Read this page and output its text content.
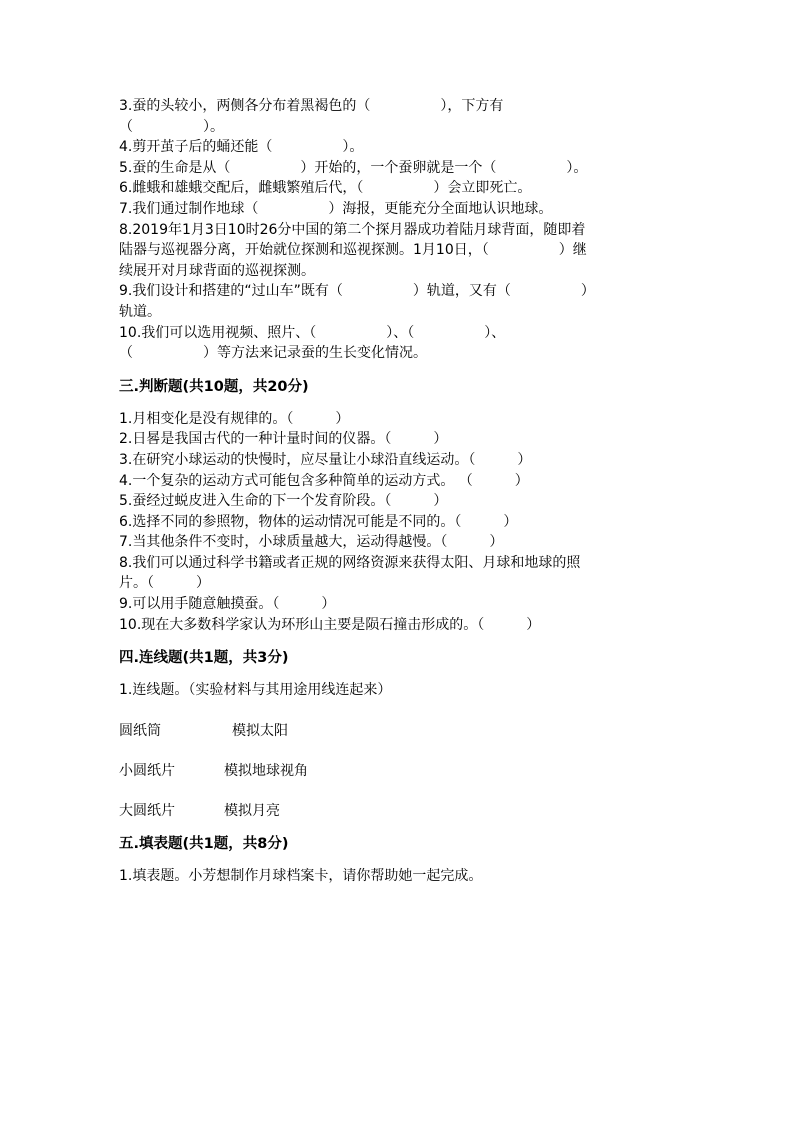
3.蚕的头较小，两侧各分布着黑褐色的（　　　　　），下方有
（　　　　　）。
4.剪开茧子后的蛹还能（　　　　　）。
5.蚕的生命是从（　　　　　）开始的，一个蚕卵就是一个（　　　　　）。
6.雌蛾和雄蛾交配后，雌蛾繁殖后代，（　　　　　）会立即死亡。
7.我们通过制作地球（　　　　　）海报，更能充分全面地认识地球。
8.2019年1月3日10时26分中国的第二个探月器成功着陆月球背面，随即着
陆器与巡视器分离，开始就位探测和巡视探测。1月10日，（　　　　　）继
续展开对月球背面的巡视探测。
9.我们设计和搭建的“过山车”既有（　　　　　）轨道，又有（　　　　　）
轨道。
10.我们可以选用视频、照片、（　　　　　）、（　　　　　）、
（　　　　　）等方法来记录蚕的生长变化情况。
三.判断题(共10题，共20分)
1.月相变化是没有规律的。（　　　）
2.日晷是我国古代的一种计量时间的仪器。（　　　）
3.在研究小球运动的快慢时，应尽量让小球沿直线运动。（　　　）
4.一个复杂的运动方式可能包含多种简单的运动方式。 （　　　）
5.蚕经过蜕皮进入生命的下一个发育阶段。（　　　）
6.选择不同的参照物，物体的运动情况可能是不同的。（　　　）
7.当其他条件不变时，小球质量越大，运动得越慢。（　　　）
8.我们可以通过科学书籍或者正规的网络资源来获得太阳、月球和地球的照
片。（　　　）
9.可以用手随意触摸蚕。（　　　）
10.现在大多数科学家认为环形山主要是陨石撞击形成的。（　　　）
四.连线题(共1题，共3分)
1.连线题。（实验材料与其用途用线连起来）
圆纸筒	模拟太阳
小圆纸片	模拟地球视角
大圆纸片	模拟月亮
五.填表题(共1题，共8分)
1.填表题。小芳想制作月球档案卡，请你帮助她一起完成。
